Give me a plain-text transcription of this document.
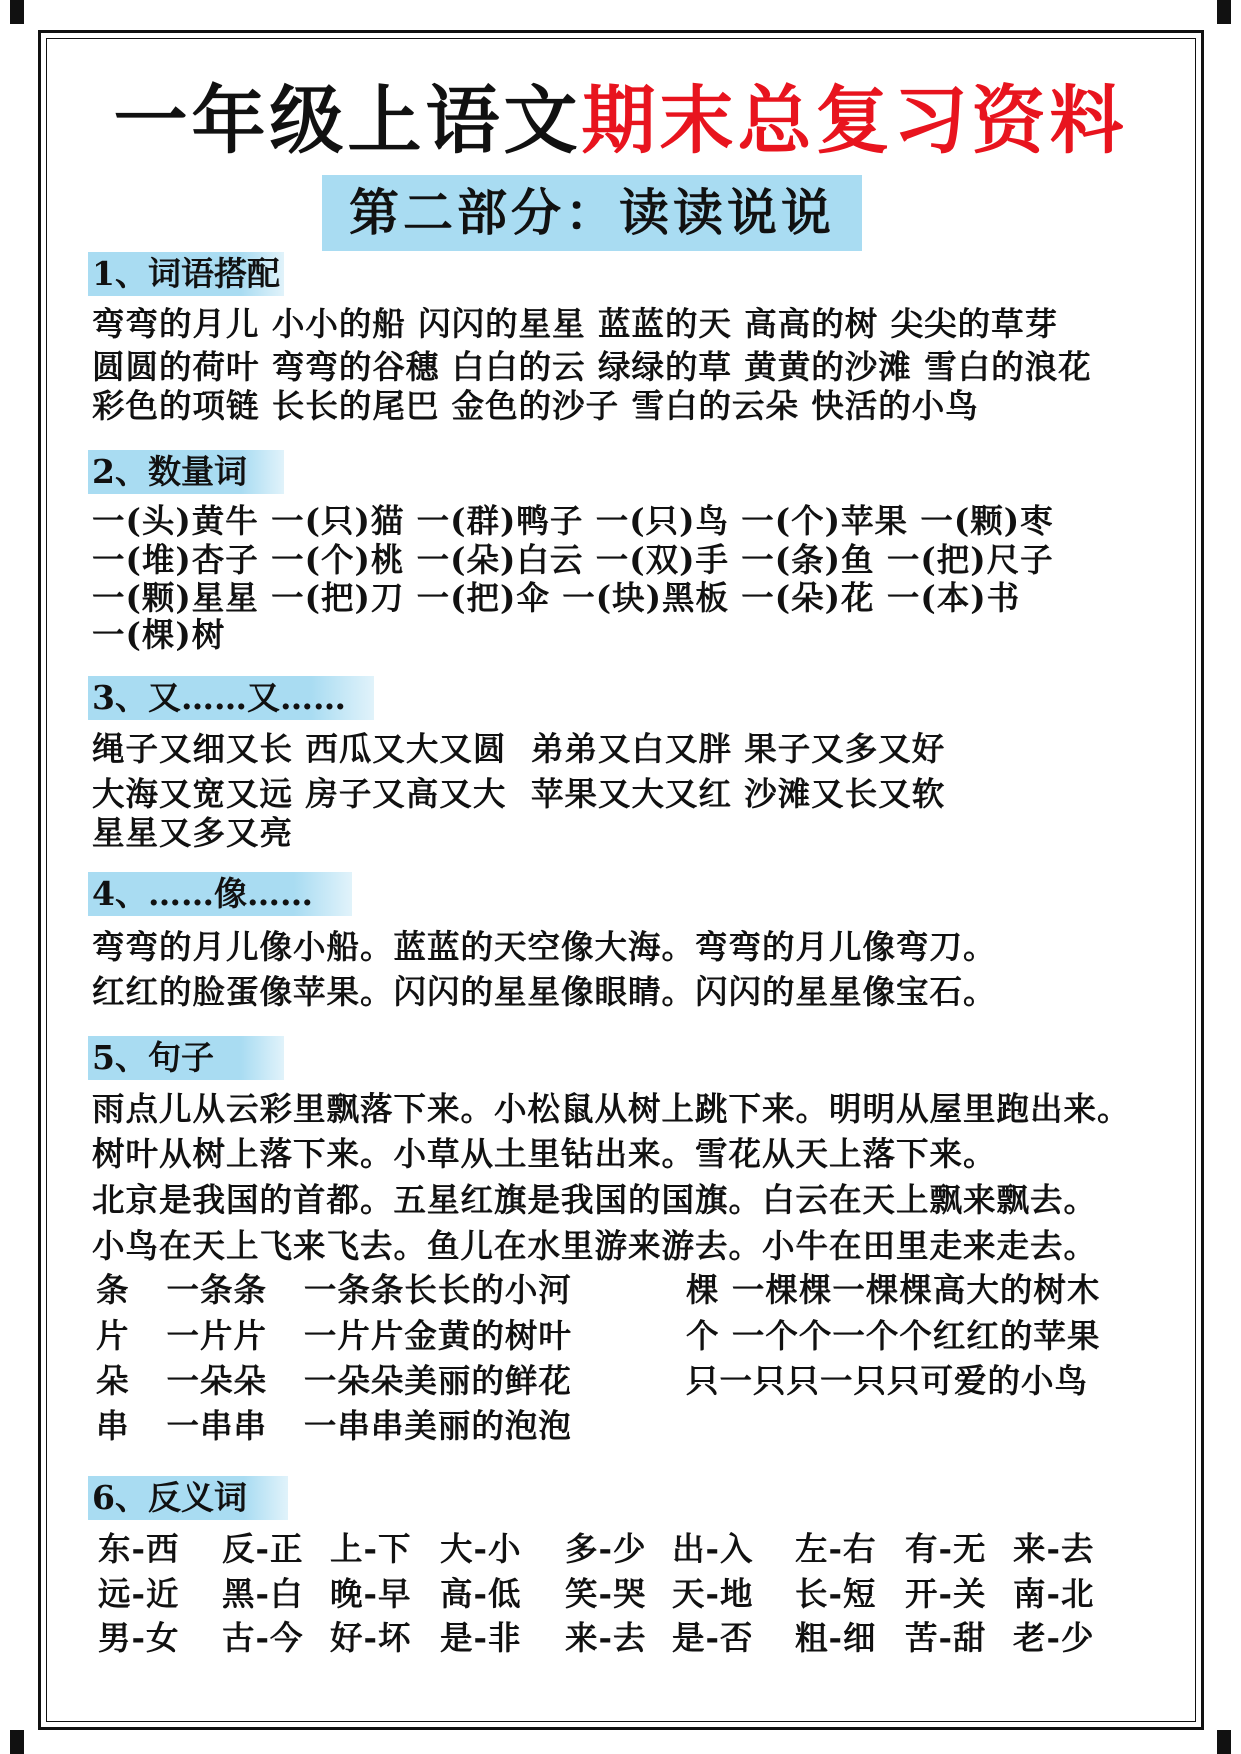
一年级上语文期末总复习资料
第二部分：读读说说
1、词语搭配
弯弯的月儿 小小的船 闪闪的星星 蓝蓝的天 高高的树 尖尖的草芽
圆圆的荷叶 弯弯的谷穗 白白的云 绿绿的草 黄黄的沙滩 雪白的浪花
彩色的项链 长长的尾巴 金色的沙子 雪白的云朵 快活的小鸟
2、数量词
一(头)黄牛 一(只)猫 一(群)鸭子 一(只)鸟 一(个)苹果 一(颗)枣
一(堆)杏子 一(个)桃 一(朵)白云 一(双)手 一(条)鱼 一(把)尺子
一(颗)星星 一(把)刀 一(把)伞 一(块)黑板 一(朵)花 一(本)书
一(棵)树
3、又……又……
绳子又细又长 西瓜又大又圆  弟弟又白又胖 果子又多又好
大海又宽又远 房子又高又大  苹果又大又红 沙滩又长又软
星星又多又亮
4、……像……
弯弯的月儿像小船。蓝蓝的天空像大海。弯弯的月儿像弯刀。
红红的脸蛋像苹果。闪闪的星星像眼睛。闪闪的星星像宝石。
5、句子
雨点儿从云彩里飘落下来。小松鼠从树上跳下来。明明从屋里跑出来。
树叶从树上落下来。小草从土里钻出来。雪花从天上落下来。
北京是我国的首都。五星红旗是我国的国旗。白云在天上飘来飘去。
小鸟在天上飞来飞去。鱼儿在水里游来游去。小牛在田里走来走去。
条   一条条   一条条长长的小河
片   一片片   一片片金黄的树叶
朵   一朵朵   一朵朵美丽的鲜花
串   一串串   一串串美丽的泡泡
棵 一棵棵一棵棵高大的树木
个 一个个一个个红红的苹果
只一只只一只只可爱的小鸟
6、反义词
东-西 反-正 上-下 大-小 多-少 出-入 左-右 有-无 来-去
远-近 黑-白 晚-早 高-低 笑-哭 天-地 长-短 开-关 南-北
男-女 古-今 好-坏 是-非 来-去 是-否 粗-细 苦-甜 老-少
